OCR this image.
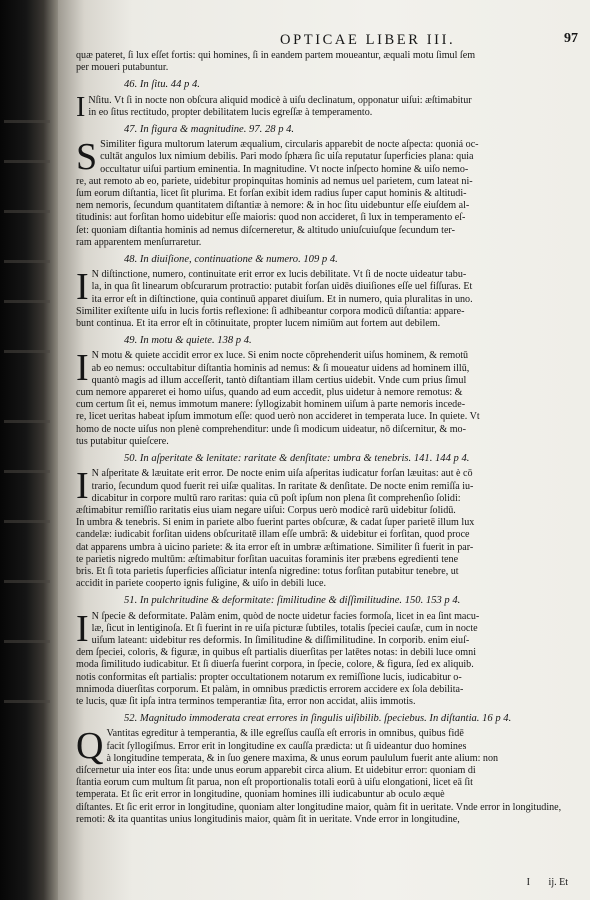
OPTICAE LIBER III.	97
quæ pateret, ſi lux eſſet fortis: qui homines, ſi in eandem partem moueantur, æquali motu ſimul ſem
per moueri putabuntur.
46. In ſitu. 44 p 4.
I Nſitu. Vt ſi in nocte non obſcura aliquid modicè à uiſu declinatum, opponatur uiſui: æſtimabitur
in eo ſitus rectitudo, propter debilitatem lucis egreſſæ à temperamento.
47. In figura & magnitudine. 97. 28 p 4.
S Similiter figura multorum laterum æqualium, circularis apparebit de nocte aſpecta: quoniá oc-
cultāt angulos lux nimium debilis. Pari modo ſphæra ſic uiſa reputatur ſuperficies plana: quia
occultatur uiſui partium eminentia. In magnitudine. Vt nocte inſpecto homine & uiſo nemo-
re, aut remoto ab eo, pariete, uidebitur propinquitas hominis ad nemus uel parietem, cum lateat ni-
ſum eorum diſtantia, licet ſit plurima. Et forſan exibit idem radius ſuper caput hominis & altitudi-
nem nemoris, ſecundum quantitatem diſtantiæ à nemore: & in hoc ſitu uidebuntur eſſe eiuſdem al-
titudinis: aut forſitan homo uidebitur eſſe maioris: quod non accideret, ſi lux in temperamento eſ-
ſet: quoniam diſtantia hominis ad nemus diſcerneretur, & altitudo uniuſcuiuſque ſecundum ter-
ram apparentem menſurraretur.
48. In diuiſione, continuatione & numero. 109 p 4.
I N diſtinctione, numero, continuitate erit error ex lucis debilitate. Vt ſi de nocte uideatur tabu-
la, in qua ſit linearum obſcurarum protractio: putabit forſan uidēs diuiſiones eſſe uel fiſſuras. Et
ita error eſt in diſtinctione, quia continuū apparet diuiſum. Et in numero, quia pluralitas in uno.
Similiter exiſtente uiſu in lucis fortis reflexione: ſi adhibeantur corpora modicū diſtantia: appare-
bunt continua. Et ita error eſt in cōtinuitate, propter lucem nimiūm aut fortem aut debilem.
49. In motu & quiete. 138 p 4.
I N motu & quiete accidit error ex luce. Si enim nocte cōprehenderit uiſus hominem, & remotū
ab eo nemus: occultabitur diſtantia hominis ad nemus: & ſi moueatur uidens ad hominem illū,
quantò magis ad illum acceſſerit, tantò diſtantiam illam certius uidebit. Vnde cum prius ſimul
cum nemore appareret ei homo uiſus, quando ad eum accedit, plus uidetur à nemore remotus: &
cum certum ſit ei, nemus immotum manere: ſyllogizabit hominem uiſum à parte nemoris incede-
re, licet ueritas habeat ipſum immotum eſſe: quod uerò non accideret in temperata luce. In quiete. Vt
homo de nocte uiſus non plenè comprehenditur: unde ſi modicum uideatur, nō diſcernitur, & mo-
tus putabitur quieſcere.
50. In aſperitate & lenitate: raritate & denſitate: umbra & tenebris. 141. 144 p 4.
I N aſperitate & læuitate erit error. De nocte enim uiſa aſperitas iudicatur forſan læuitas: aut è cō
trario, ſecundum quod fuerit rei uiſæ qualitas. In raritate & denſitate. De nocte enim remiſſa iu-
dicabitur in corpore multū raro raritas: quia cū poſt ipſum non plena ſit comprehenſio ſolidi:
æſtimabitur remiſſio raritatis eius uiam negare uiſui: Corpus uerò modicè rarū uidebitur ſolidū.
In umbra & tenebris. Si enim in pariete albo fuerint partes obſcuræ, & cadat ſuper parietē illum lux
candelæ: iudicabit forſitan uidens obſcuritatē illam eſſe umbrā: & uidebitur ei forſitan, quod proce
dat apparens umbra à uicino pariete: & ita error eſt in umbræ æſtimatione. Similiter ſi fuerit in par-
te parietis nigredo multūm: æſtimabitur forſitan uacuitas foraminis iter præbens egredienti tene
bris. Et ſi tota parietis ſuperficies aſſiciatur intenſa nigredine: totus forſitan putabitur tenebre, ut
accidit in pariete cooperto ignis fuligine, & uiſo in debili luce.
51. In pulchritudine & deformitate: ſimilitudine & diſſimilitudine. 150. 153 p 4.
I N ſpecie & deformitate. Palàm enim, quòd de nocte uidetur facies formoſa, licet in ea ſint macu-
læ, ſicut in lentiginoſa. Et ſi fuerint in re uiſa picturæ ſubtiles, totalis ſpeciei cauſæ, cum in nocte
uiſum lateant: uidebitur res deformis. In ſimilitudine & diſſimilitudine. In corporib. enim eiuſ-
dem ſpeciei, coloris, & figuræ, in quibus eſt partialis diuerſitas per latētes notas: in debili luce omni
moda ſimilitudo iudicabitur. Et ſi diuerſa fuerint corpora, in ſpecie, colore, & figura, ſed ex aliquib.
notis conformitas eſt partialis: propter occultationem notarum ex remiſſione lucis, iudicabitur o-
mnimoda diuerſitas corporum. Et palàm, in omnibus prædictis errorem accidere ex ſola debilita-
te lucis, quæ ſit ipſa intra terminos temperantiæ ſita, error non accidat, aliis immotis.
52. Magnitudo immoderata creat errores in ſingulis uiſibilib. ſpeciebus. In diſtantia. 16 p 4.
Q Vantitas egreditur à temperantia, & ille egreſſus cauſſa eſt erroris in omnibus, quibus fidē
facit ſyllogiſmus. Error erit in longitudine ex cauſſa prædicta: ut ſi uideantur duo homines
à longitudine temperata, & in ſuo genere maxima, & unus eorum paululum fuerit ante alium: non
diſcernetur uia inter eos ſita: unde unus eorum apparebit circa alium. Et uidebitur error: quoniam di
ſtantia eorum cum multum ſit parua, non eſt proportionalis totali eorū à uiſu elongationi, licet eā ſit
temperata. Et ſic erit error in longitudine, quoniam homines illi iudicabuntur ab oculo æquè
diſtantes. Et ſic erit error in longitudine, quoniam alter longitudine maior, quàm fit in ueritate. Vnde error in longitudine,
remoti: & ita quantitas unius longitudinis maior, quàm ſit in ueritate. Vnde error in longitudine,
I ij. Et
